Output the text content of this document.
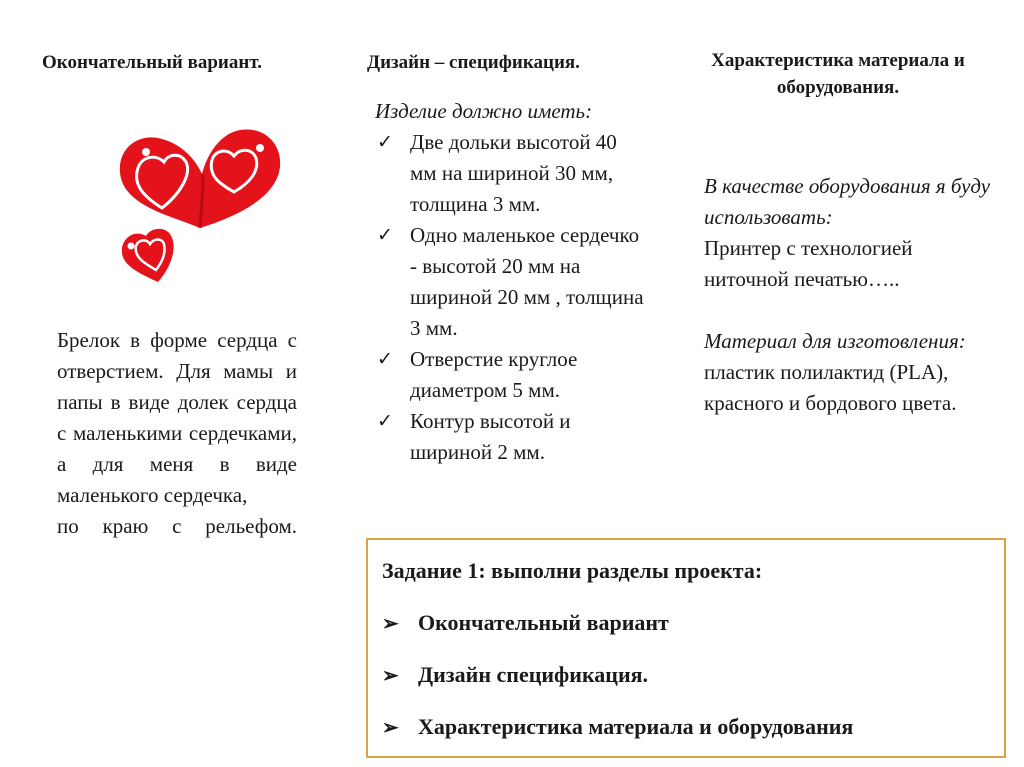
Окончательный вариант.	Дизайн – спецификация.	Характеристика материала и оборудования.
Брелок в форме сердца с отверстием. Для мамы и папы в виде долек сердца с маленькими сердечками, а для меня в виде маленького сердечка,
по краю с рельефом.
Изделие должно иметь:
✓ Две дольки высотой 40 мм на шириной 30 мм, толщина 3 мм.
✓ Одно маленькое сердечко - высотой 20 мм на шириной 20 мм , толщина 3 мм.
✓ Отверстие круглое диаметром 5 мм.
✓ Контур высотой и шириной 2 мм.
В качестве оборудования я буду использовать:
Принтер с технологией ниточной печатью…..
Материал для изготовления: пластик полилактид (PLA), красного и бордового цвета.
Задание 1: выполни разделы проекта:
➢ Окончательный вариант
➢ Дизайн спецификация.
➢ Характеристика материала и оборудования
